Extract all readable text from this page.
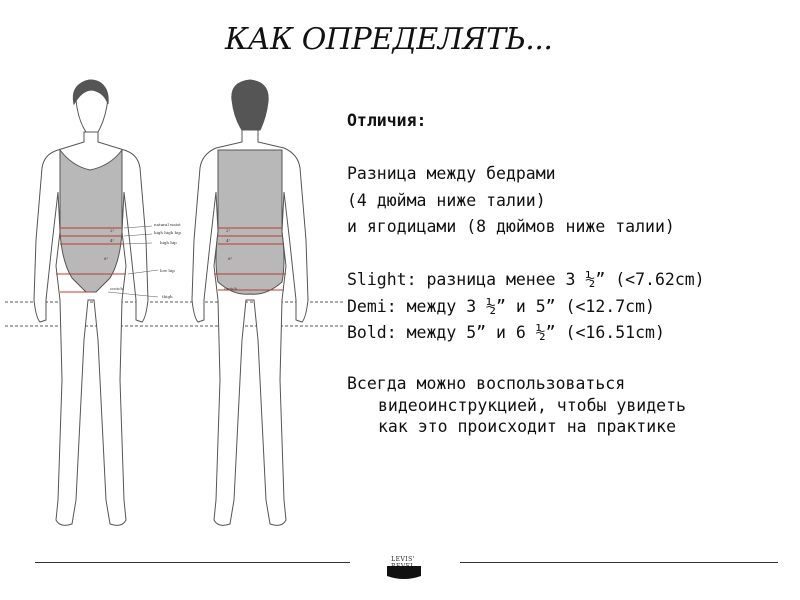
КАК ОПРЕДЕЛЯТЬ...
natural waist
high high hip
high hip
low hip
crotch
thigh
2"
4"
8"
2"
4"
8"
crotch
Отличия:
Разница между бедрами
(4 дюйма ниже талии)
и ягодицами (8 дюймов ниже талии)
Slight: разница менее 3 ½” (<7.62cm)
Demi: между 3 ½” и 5” (<12.7cm)
Bold: между 5” и 6 ½” (<16.51cm)
Всегда можно воспользоваться
видеоинструкцией, чтобы увидеть
как это происходит на практике
LEVIS'
